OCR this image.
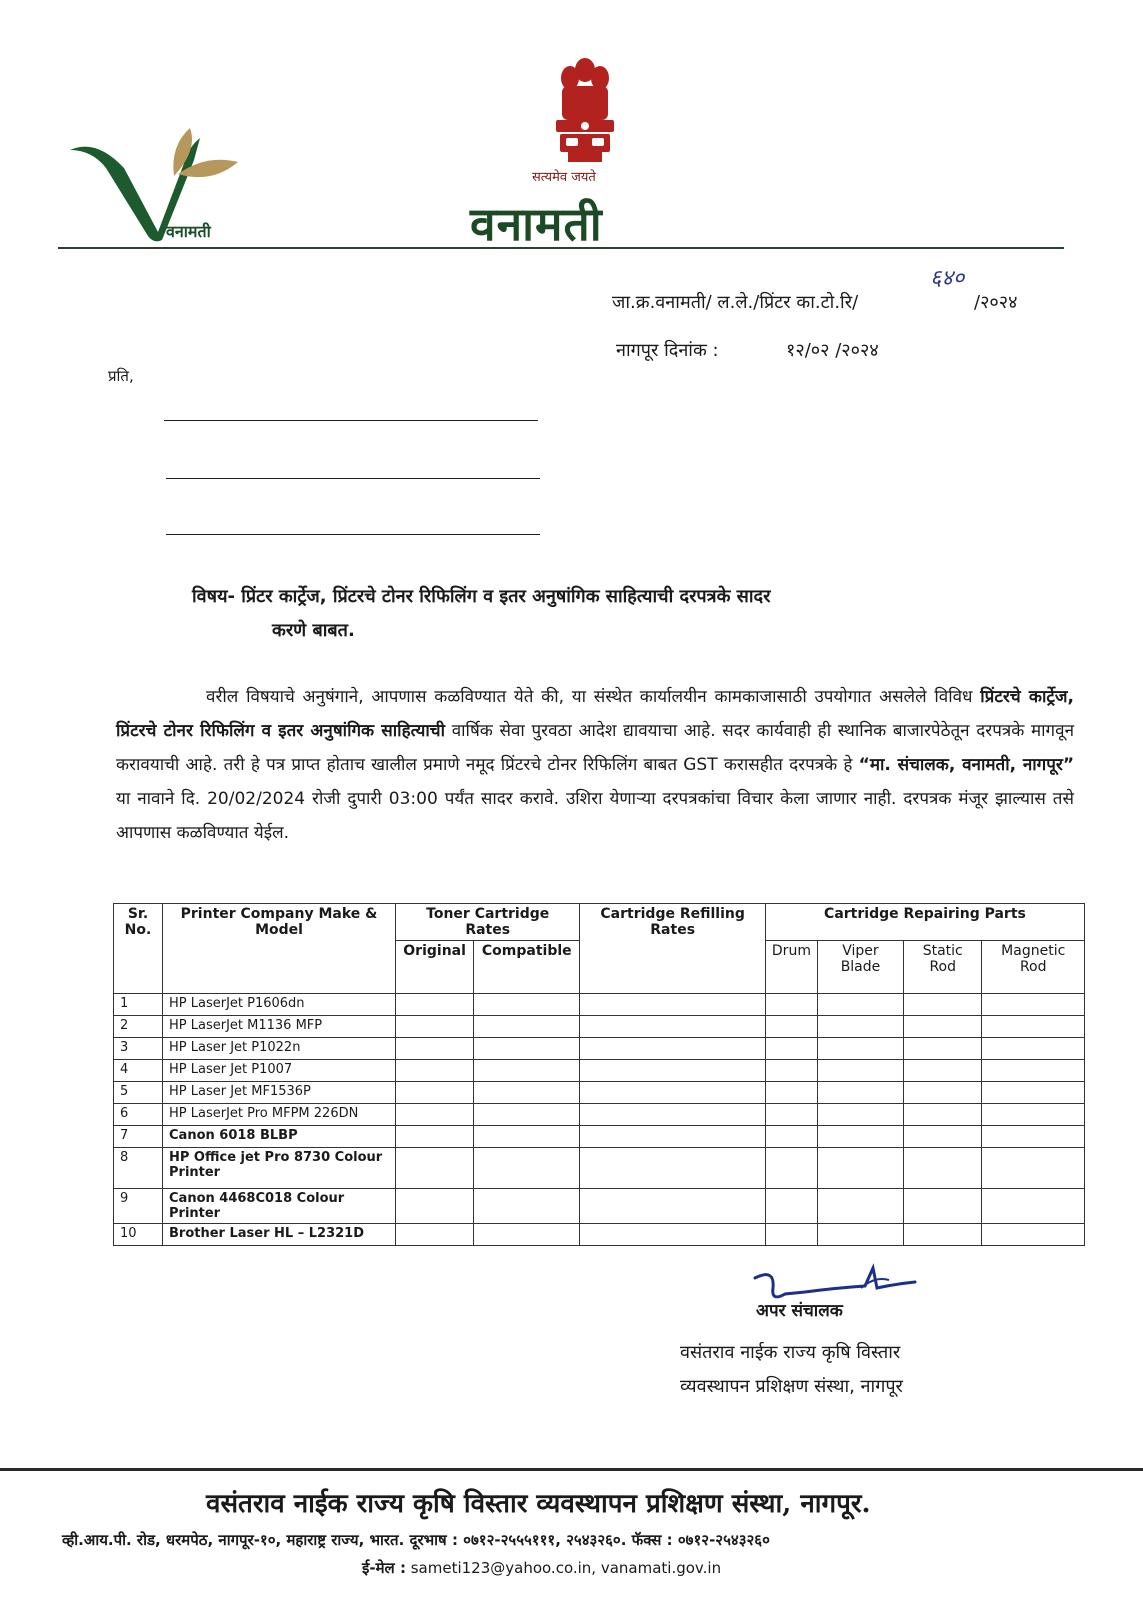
वनामती
सत्यमेव जयते
वनामती
६४०
जा.क्र.वनामती/ ल.ले./प्रिंटर का.टो.रि/	/२०२४
नागपूर दिनांक :	१२/०२ /२०२४
प्रति,
विषय- प्रिंटर कार्ट्रेज, प्रिंटरचे टोनर रिफिलिंग व इतर अनुषांगिक साहित्याची दरपत्रके सादर
करणे बाबत.
वरील विषयाचे अनुषंगाने, आपणास कळविण्यात येते की, या संस्थेत कार्यालयीन कामकाजासाठी उपयोगात असलेले विविध प्रिंटरचे कार्ट्रेज, प्रिंटरचे टोनर रिफिलिंग व इतर अनुषांगिक साहित्याची वार्षिक सेवा पुरवठा आदेश द्यावयाचा आहे. सदर कार्यवाही ही स्थानिक बाजारपेठेतून दरपत्रके मागवून करावयाची आहे. तरी हे पत्र प्राप्त होताच खालील प्रमाणे नमूद प्रिंटरचे टोनर रिफिलिंग बाबत GST करासहीत दरपत्रके हे “मा. संचालक, वनामती, नागपूर” या नावाने दि. 20/02/2024 रोजी दुपारी 03:00 पर्यंत सादर करावे. उशिरा येणाऱ्या दरपत्रकांचा विचार केला जाणार नाही. दरपत्रक मंजूर झाल्यास तसे आपणास कळविण्यात येईल.
Sr. No.	Printer Company Make & Model	Toner Cartridge Rates		Cartridge Refilling Rates	Cartridge Repairing Parts			
		Original	Compatible		Drum	Viper Blade	Static Rod	Magnetic Rod
1	HP LaserJet P1606dn							
2	HP LaserJet M1136 MFP							
3	HP Laser Jet P1022n							
4	HP Laser Jet P1007							
5	HP Laser Jet MF1536P							
6	HP LaserJet Pro MFPM 226DN							
7	Canon 6018 BLBP							
8	HP Office jet Pro 8730 Colour Printer							
9	Canon 4468C018 Colour Printer							
10	Brother Laser HL – L2321D							
अपर संचालक
वसंतराव नाईक राज्य कृषि विस्तार
व्यवस्थापन प्रशिक्षण संस्था, नागपूर
वसंतराव नाईक राज्य कृषि विस्तार व्यवस्थापन प्रशिक्षण संस्था, नागपूर.
व्ही.आय.पी. रोड, धरमपेठ, नागपूर-१०, महाराष्ट्र राज्य, भारत. दूरभाष : ०७१२-२५५५१११, २५४३२६०. फॅक्स : ०७१२-२५४३२६०
ई-मेल : sameti123@yahoo.co.in, vanamati.gov.in
